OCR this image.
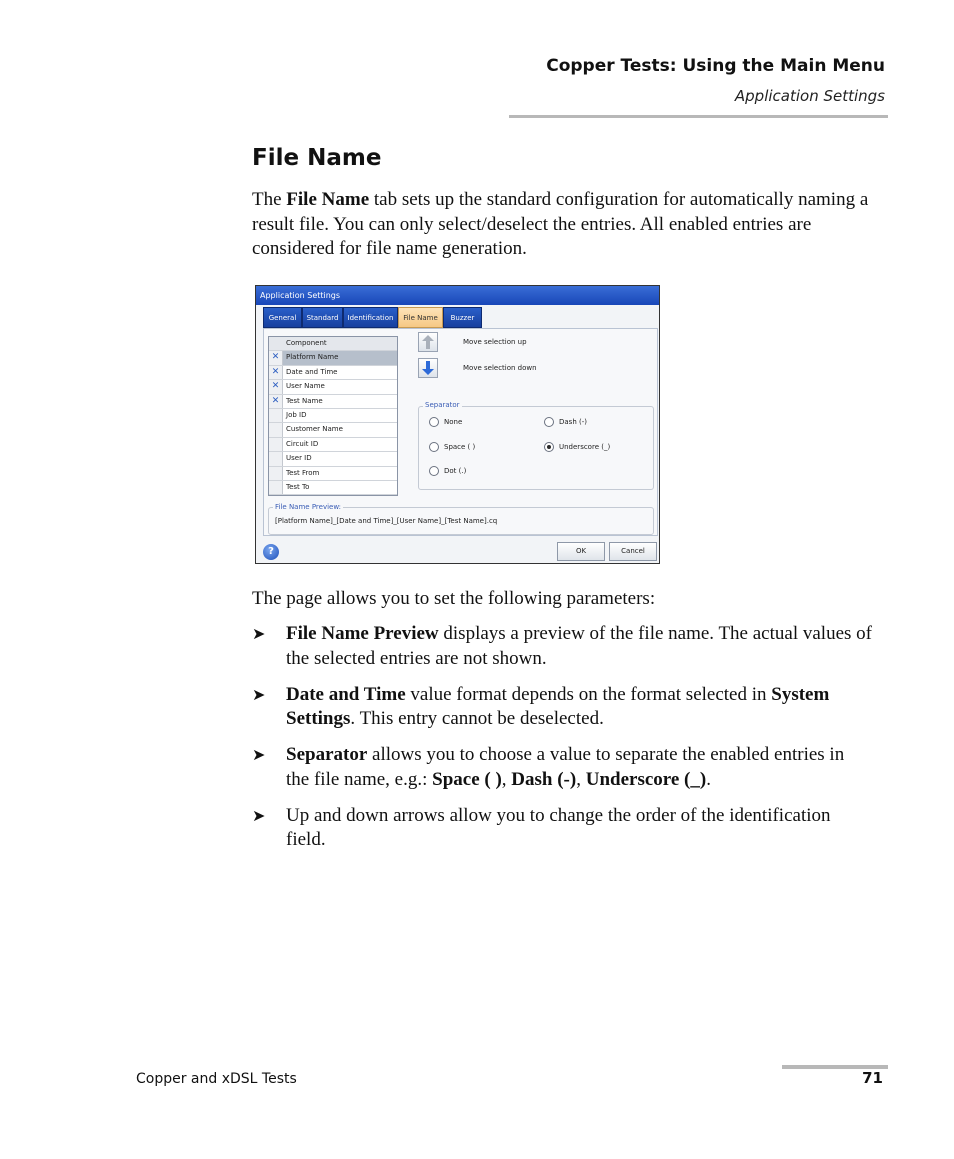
Copper Tests: Using the Main Menu
Application Settings
File Name

The File Name tab sets up the standard configuration for automatically naming a result file. You can only select/deselect the entries. All enabled entries are considered for file name generation.

Application Settings
General	Standard	Identification	File Name	Buzzer
Component
✕ Platform Name
✕ Date and Time
✕ User Name
✕ Test Name
Job ID
Customer Name
Circuit ID
User ID
Test From
Test To
Move selection up
Move selection down
Separator
None	Dash (-)
Space ( )	Underscore (_)
Dot (.)
File Name Preview:
[Platform Name]_[Date and Time]_[User Name]_[Test Name].cq
?	OK	Cancel

The page allows you to set the following parameters:

➤ File Name Preview displays a preview of the file name. The actual values of the selected entries are not shown.
➤ Date and Time value format depends on the format selected in System Settings. This entry cannot be deselected.
➤ Separator allows you to choose a value to separate the enabled entries in the file name, e.g.: Space ( ), Dash (-), Underscore (_).
➤ Up and down arrows allow you to change the order of the identification field.
Copper and xDSL Tests	71
